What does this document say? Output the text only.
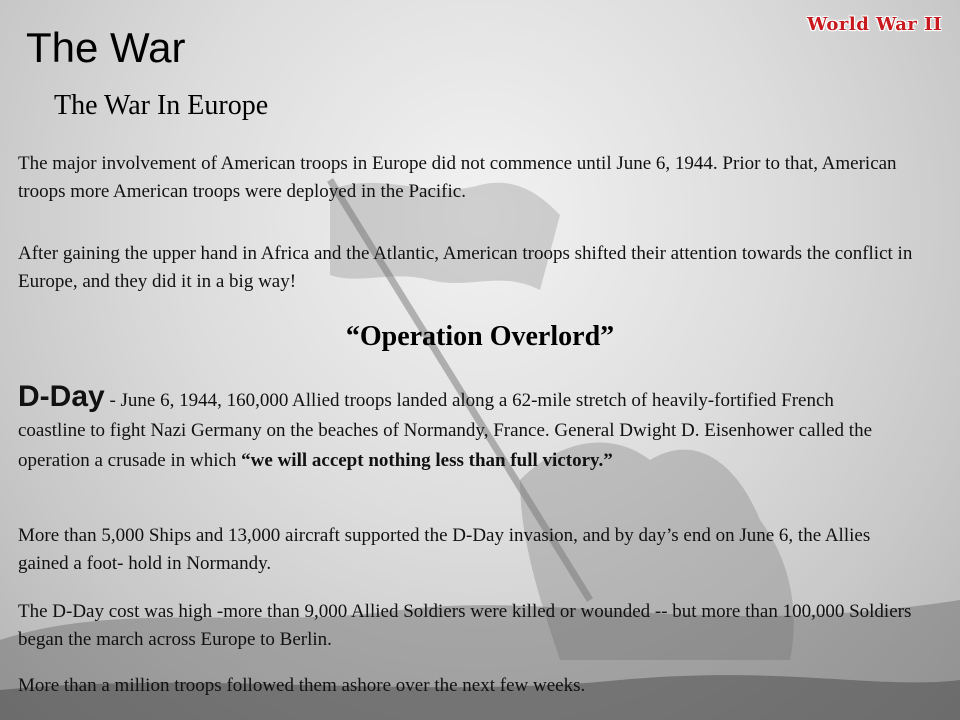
World War II
The War
The War In Europe

The major involvement of American troops in Europe did not commence until June 6, 1944. Prior to that, American troops more American troops were deployed in the Pacific.

After gaining the upper hand in Africa and the Atlantic, American troops shifted their attention towards the conflict in Europe, and they did it in a big way!

“Operation Overlord”

D-Day - June 6, 1944, 160,000 Allied troops landed along a 62-mile stretch of heavily-fortified French coastline to fight Nazi Germany on the beaches of Normandy, France. General Dwight D. Eisenhower called the operation a crusade in which “we will accept nothing less than full victory.”

More than 5,000 Ships and 13,000 aircraft supported the D-Day invasion, and by day’s end on June 6, the Allies gained a foot- hold in Normandy.

The D-Day cost was high -more than 9,000 Allied Soldiers were killed or wounded -- but more than 100,000 Soldiers began the march across Europe to Berlin.

More than a million troops followed them ashore over the next few weeks.
